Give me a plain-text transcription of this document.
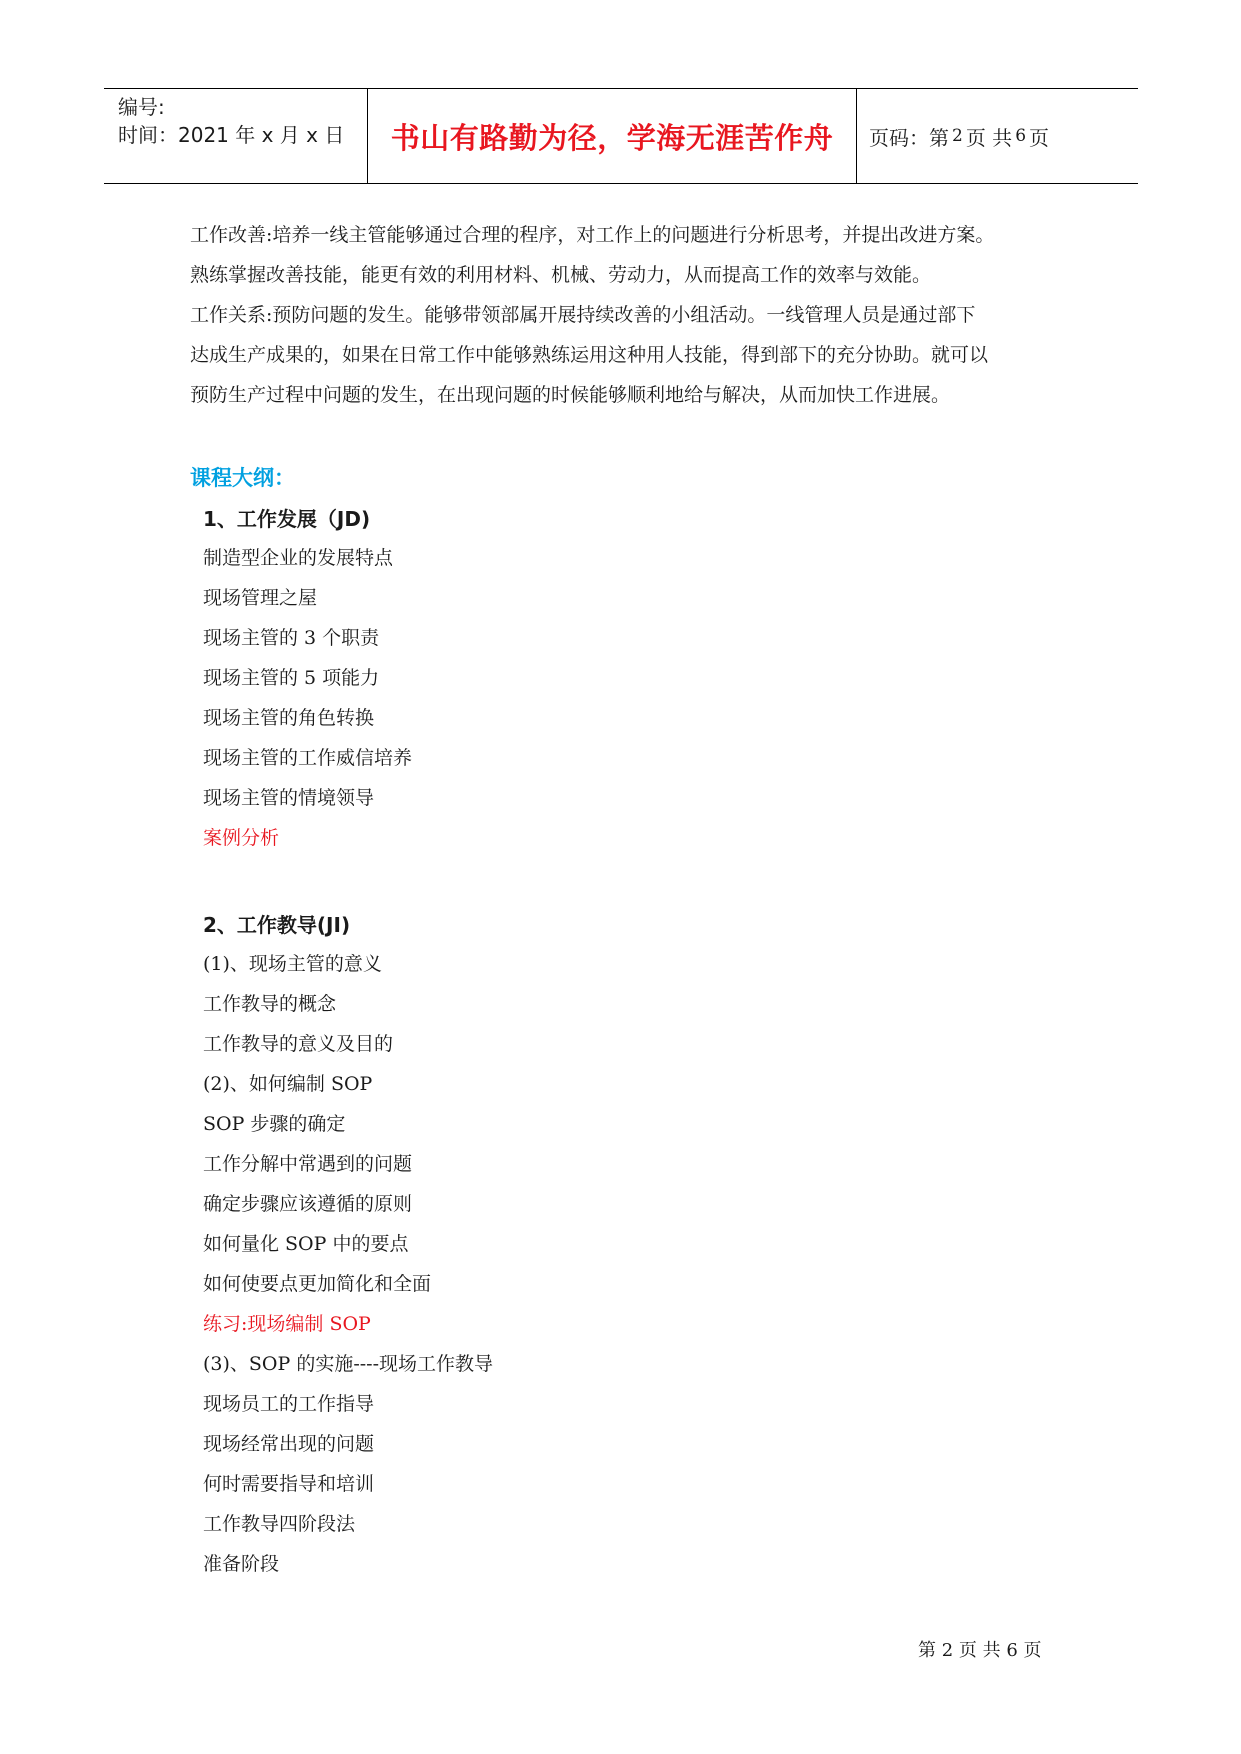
编号:
时间：2021 年 x 月 x 日 书山有路勤为径，学海无涯苦作舟 页码：第 2 页 共 6 页
工作改善:培养一线主管能够通过合理的程序，对工作上的问题进行分析思考，并提出改进方案。
熟练掌握改善技能，能更有效的利用材料、机械、劳动力，从而提高工作的效率与效能。
工作关系:预防问题的发生。能够带领部属开展持续改善的小组活动。一线管理人员是通过部下
达成生产成果的，如果在日常工作中能够熟练运用这种用人技能，得到部下的充分协助。就可以
预防生产过程中问题的发生，在出现问题的时候能够顺利地给与解决，从而加快工作进展。
课程大纲：
1、工作发展（JD)
制造型企业的发展特点
现场管理之屋
现场主管的 3 个职责
现场主管的 5 项能力
现场主管的角色转换
现场主管的工作威信培养
现场主管的情境领导
案例分析
2、工作教导(JI)
(1)、现场主管的意义
工作教导的概念
工作教导的意义及目的
(2)、如何编制 SOP
SOP 步骤的确定
工作分解中常遇到的问题
确定步骤应该遵循的原则
如何量化 SOP 中的要点
如何使要点更加简化和全面
练习:现场编制 SOP
(3)、SOP 的实施----现场工作教导
现场员工的工作指导
现场经常出现的问题
何时需要指导和培训
工作教导四阶段法
准备阶段
第 2 页 共 6 页
